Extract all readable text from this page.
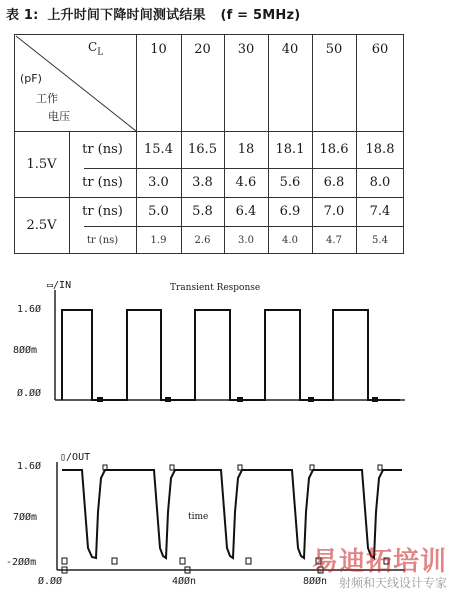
表 1: 上升时间下降时间测试结果 (f = 5MHz)
$C_L$
(pF)
工作
电压
10	20	30	40	50	60
1.5V
tr (ns)	15.4	16.5	18	18.1	18.6	18.8
tr (ns)	3.0	3.8	4.6	5.6	6.8	8.0
2.5V
tr (ns)	5.0	5.8	6.4	6.9	7.0	7.4
tr (ns)	1.9	2.6	3.0	4.0	4.7	5.4
▭/IN	Transient Response
1.6Ø
8ØØm
Ø.ØØ
▯/OUT
time
1.6Ø
7ØØm
-2ØØm
Ø.ØØ	4ØØn	8ØØn
易迪拓培训
射频和天线设计专家
